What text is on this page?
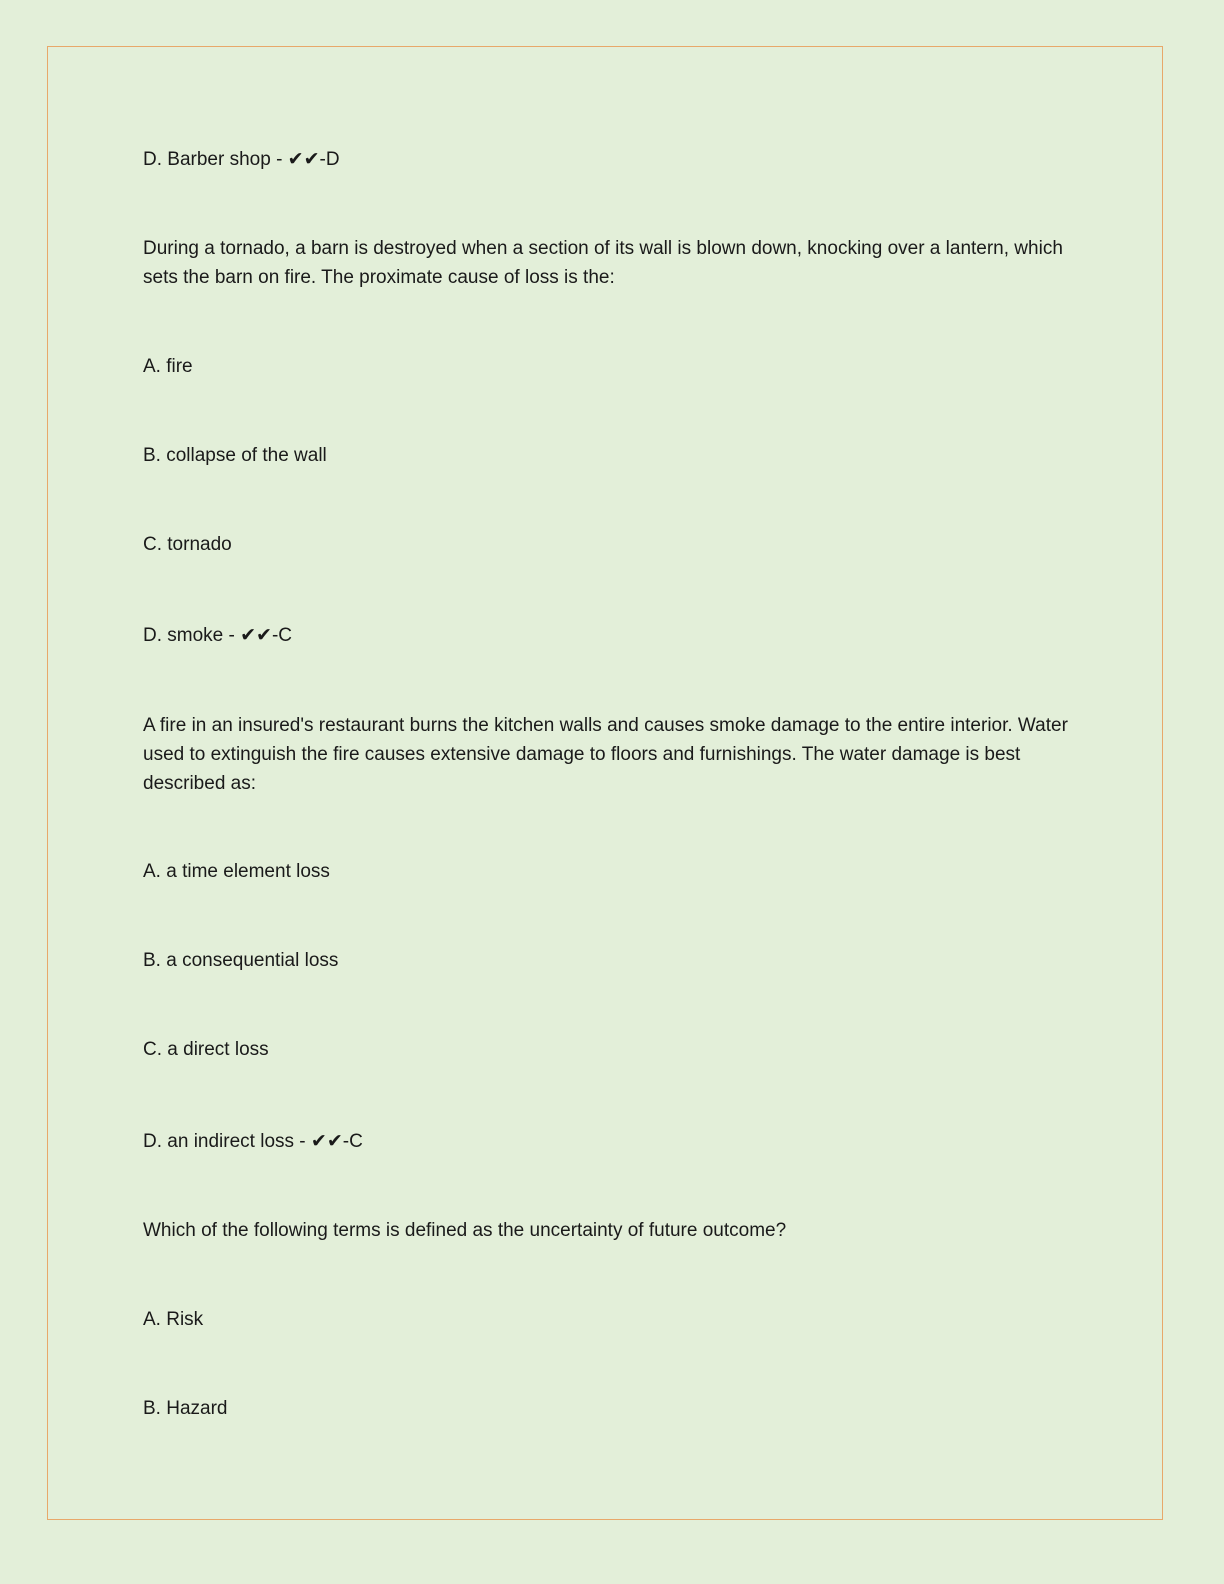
D. Barber shop - ✔✔-D
During a tornado, a barn is destroyed when a section of its wall is blown down, knocking over a lantern, which sets the barn on fire. The proximate cause of loss is the:
A. fire
B. collapse of the wall
C. tornado
D. smoke - ✔✔-C
A fire in an insured's restaurant burns the kitchen walls and causes smoke damage to the entire interior. Water used to extinguish the fire causes extensive damage to floors and furnishings. The water damage is best described as:
A. a time element loss
B. a consequential loss
C. a direct loss
D. an indirect loss - ✔✔-C
Which of the following terms is defined as the uncertainty of future outcome?
A. Risk
B. Hazard
